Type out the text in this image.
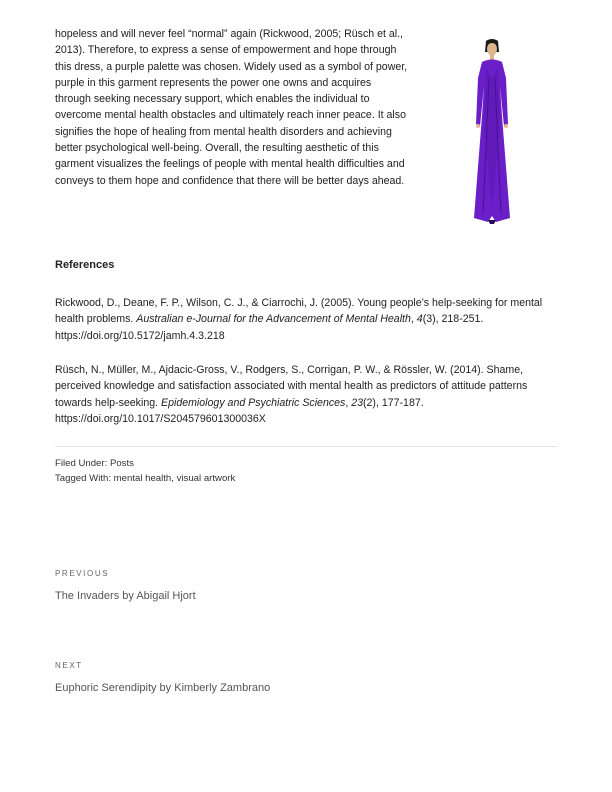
hopeless and will never feel “normal” again (Rickwood, 2005; Rüsch et al., 2013). Therefore, to express a sense of empowerment and hope through this dress, a purple palette was chosen. Widely used as a symbol of power, purple in this garment represents the power one owns and acquires through seeking necessary support, which enables the individual to overcome mental health obstacles and ultimately reach inner peace. It also signifies the hope of healing from mental health disorders and achieving better psychological well-being. Overall, the resulting aesthetic of this garment visualizes the feelings of people with mental health difficulties and conveys to them hope and confidence that there will be better days ahead.

References

Rickwood, D., Deane, F. P., Wilson, C. J., & Ciarrochi, J. (2005). Young people’s help-seeking for mental health problems. Australian e-Journal for the Advancement of Mental Health, 4(3), 218-251. https://doi.org/10.5172/jamh.4.3.218

Rüsch, N., Müller, M., Ajdacic-Gross, V., Rodgers, S., Corrigan, P. W., & Rössler, W. (2014). Shame, perceived knowledge and satisfaction associated with mental health as predictors of attitude patterns towards help-seeking. Epidemiology and Psychiatric Sciences, 23(2), 177-187. https://doi.org/10.1017/S204579601300036X

Filed Under: Posts

Tagged With: mental health, visual artwork

PREVIOUS

The Invaders by Abigail Hjort

NEXT

Euphoric Serendipity by Kimberly Zambrano
